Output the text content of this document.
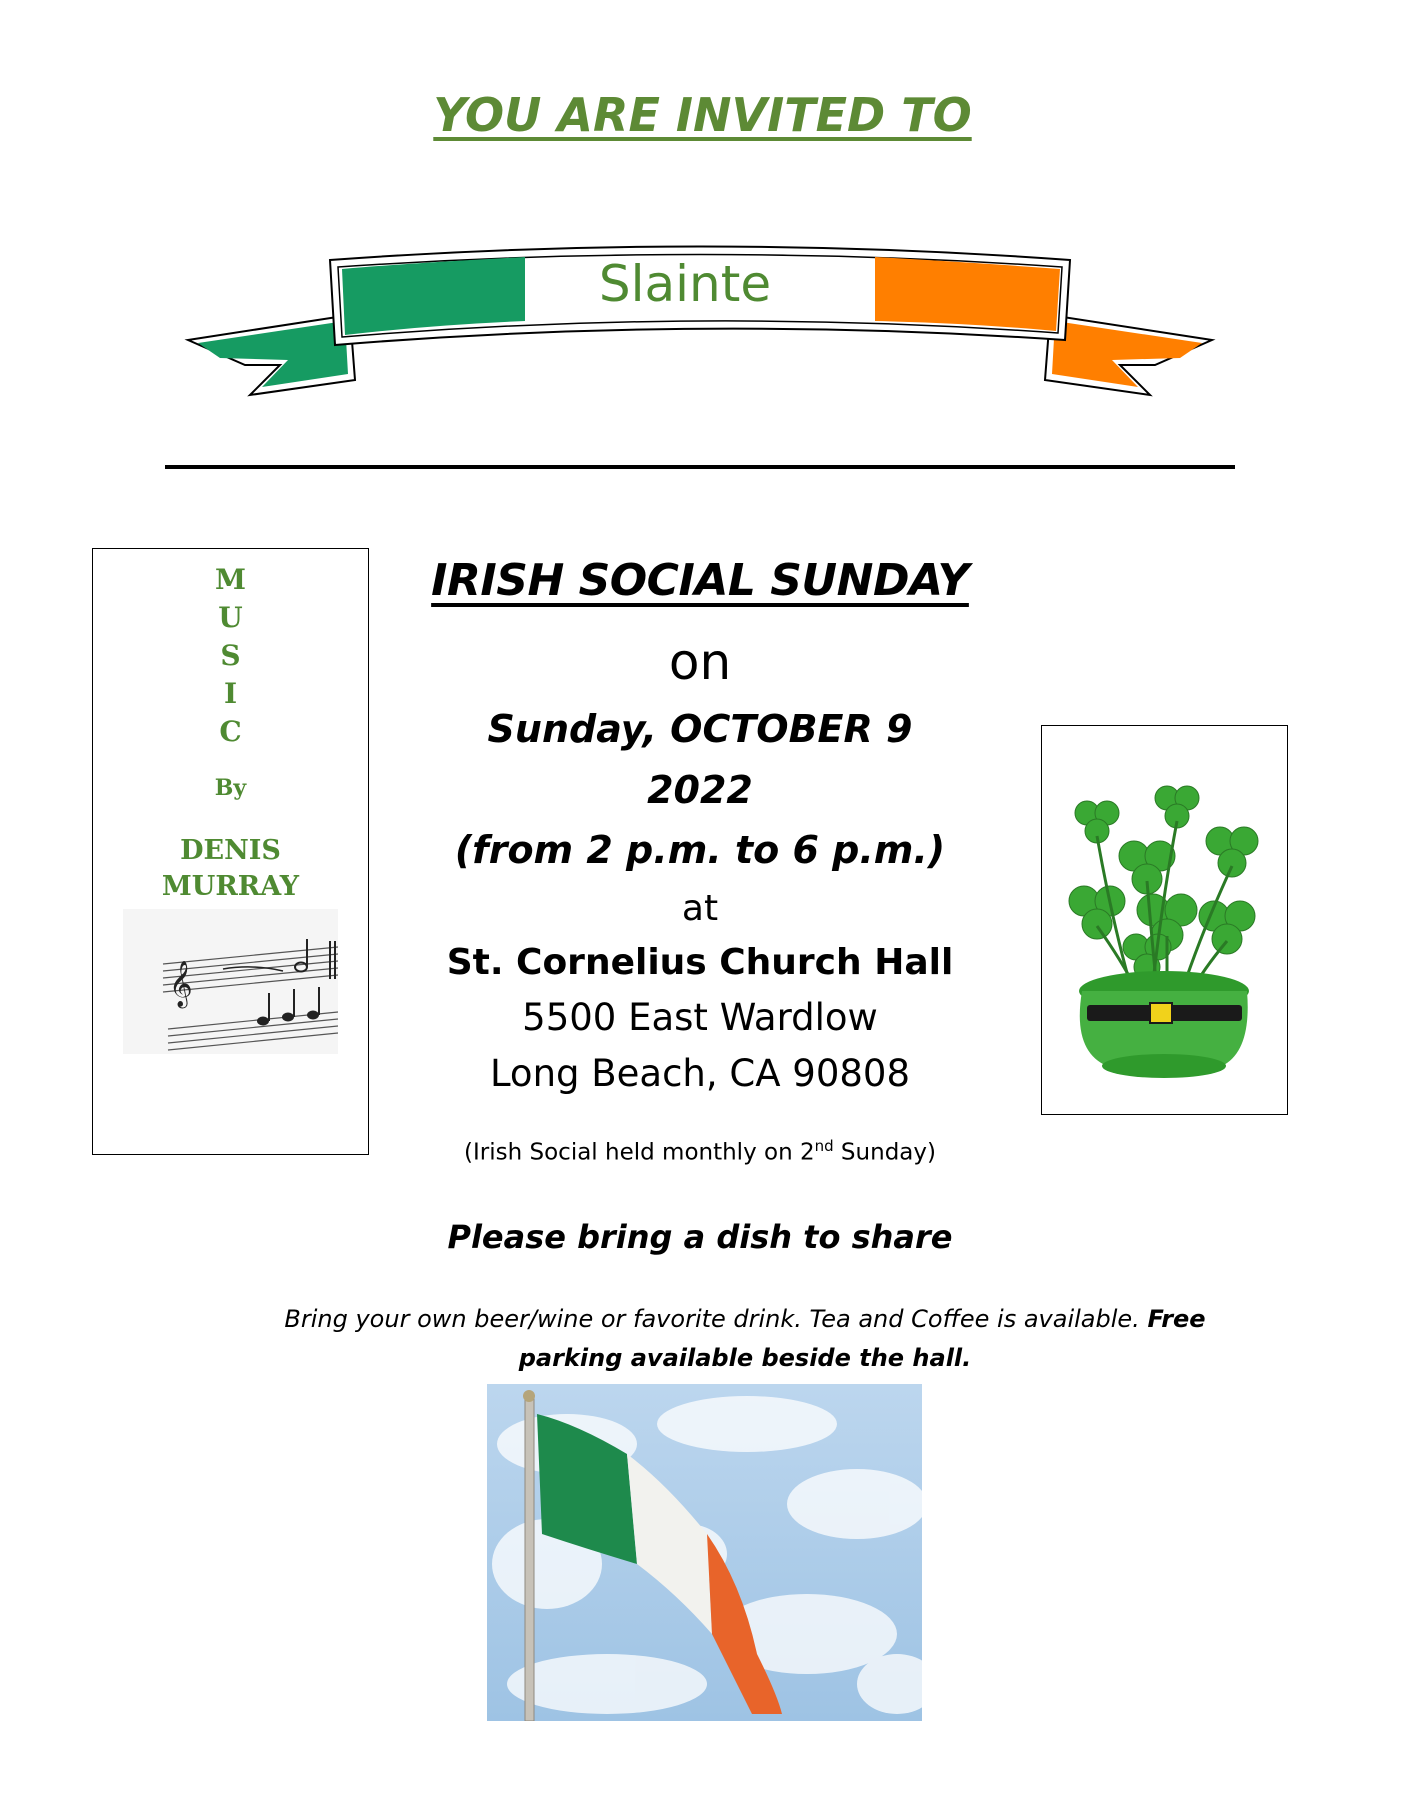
YOU ARE INVITED TO
Slainte
M
U
S
I
C
By
DENIS
MURRAY
𝄞
IRISH SOCIAL SUNDAY
on
Sunday, OCTOBER 9
2022
(from 2 p.m. to 6 p.m.)
at
St. Cornelius Church Hall
5500 East Wardlow
Long Beach, CA 90808
(Irish Social held monthly on 2nd Sunday)
Please bring a dish to share
Bring your own beer/wine or favorite drink. Tea and Coffee is available. Free
parking available beside the hall.
